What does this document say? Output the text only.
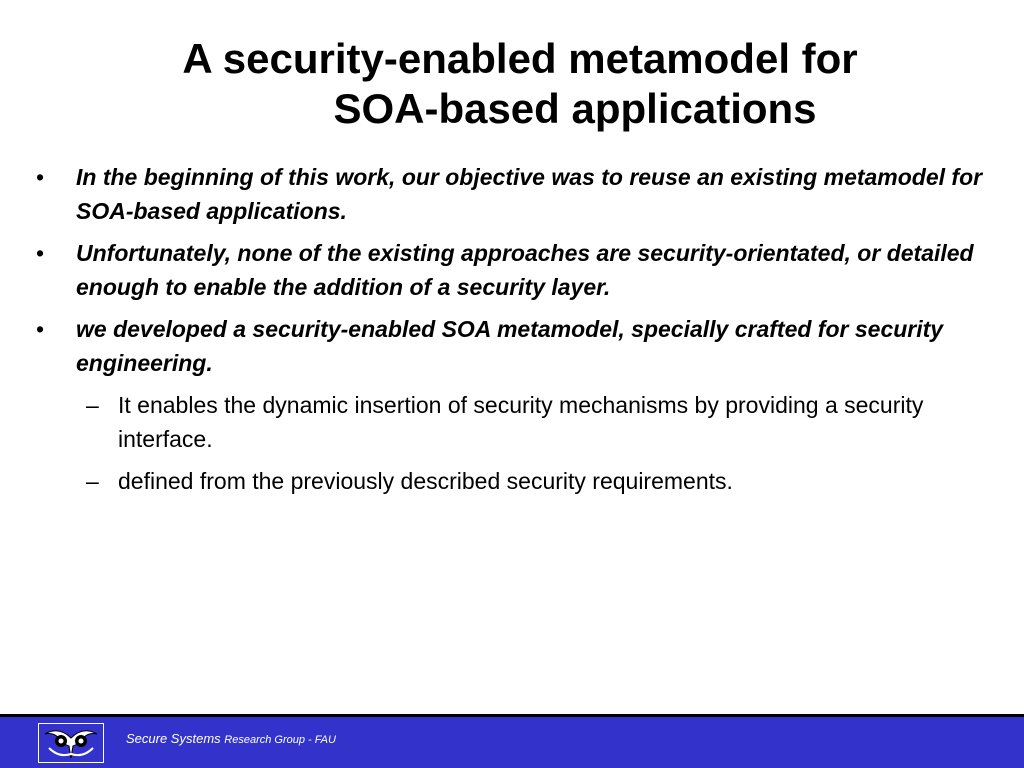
A security-enabled metamodel for
SOA-based applications
• In the beginning of this work, our objective was to reuse an existing metamodel for SOA-based applications.
• Unfortunately, none of the existing approaches are security-orientated, or detailed enough to enable the addition of a security layer.
• we developed a security-enabled SOA metamodel, specially crafted for security engineering.
– It enables the dynamic insertion of security mechanisms by providing a security interface.
– defined from the previously described security requirements.
Secure Systems Research Group - FAU
